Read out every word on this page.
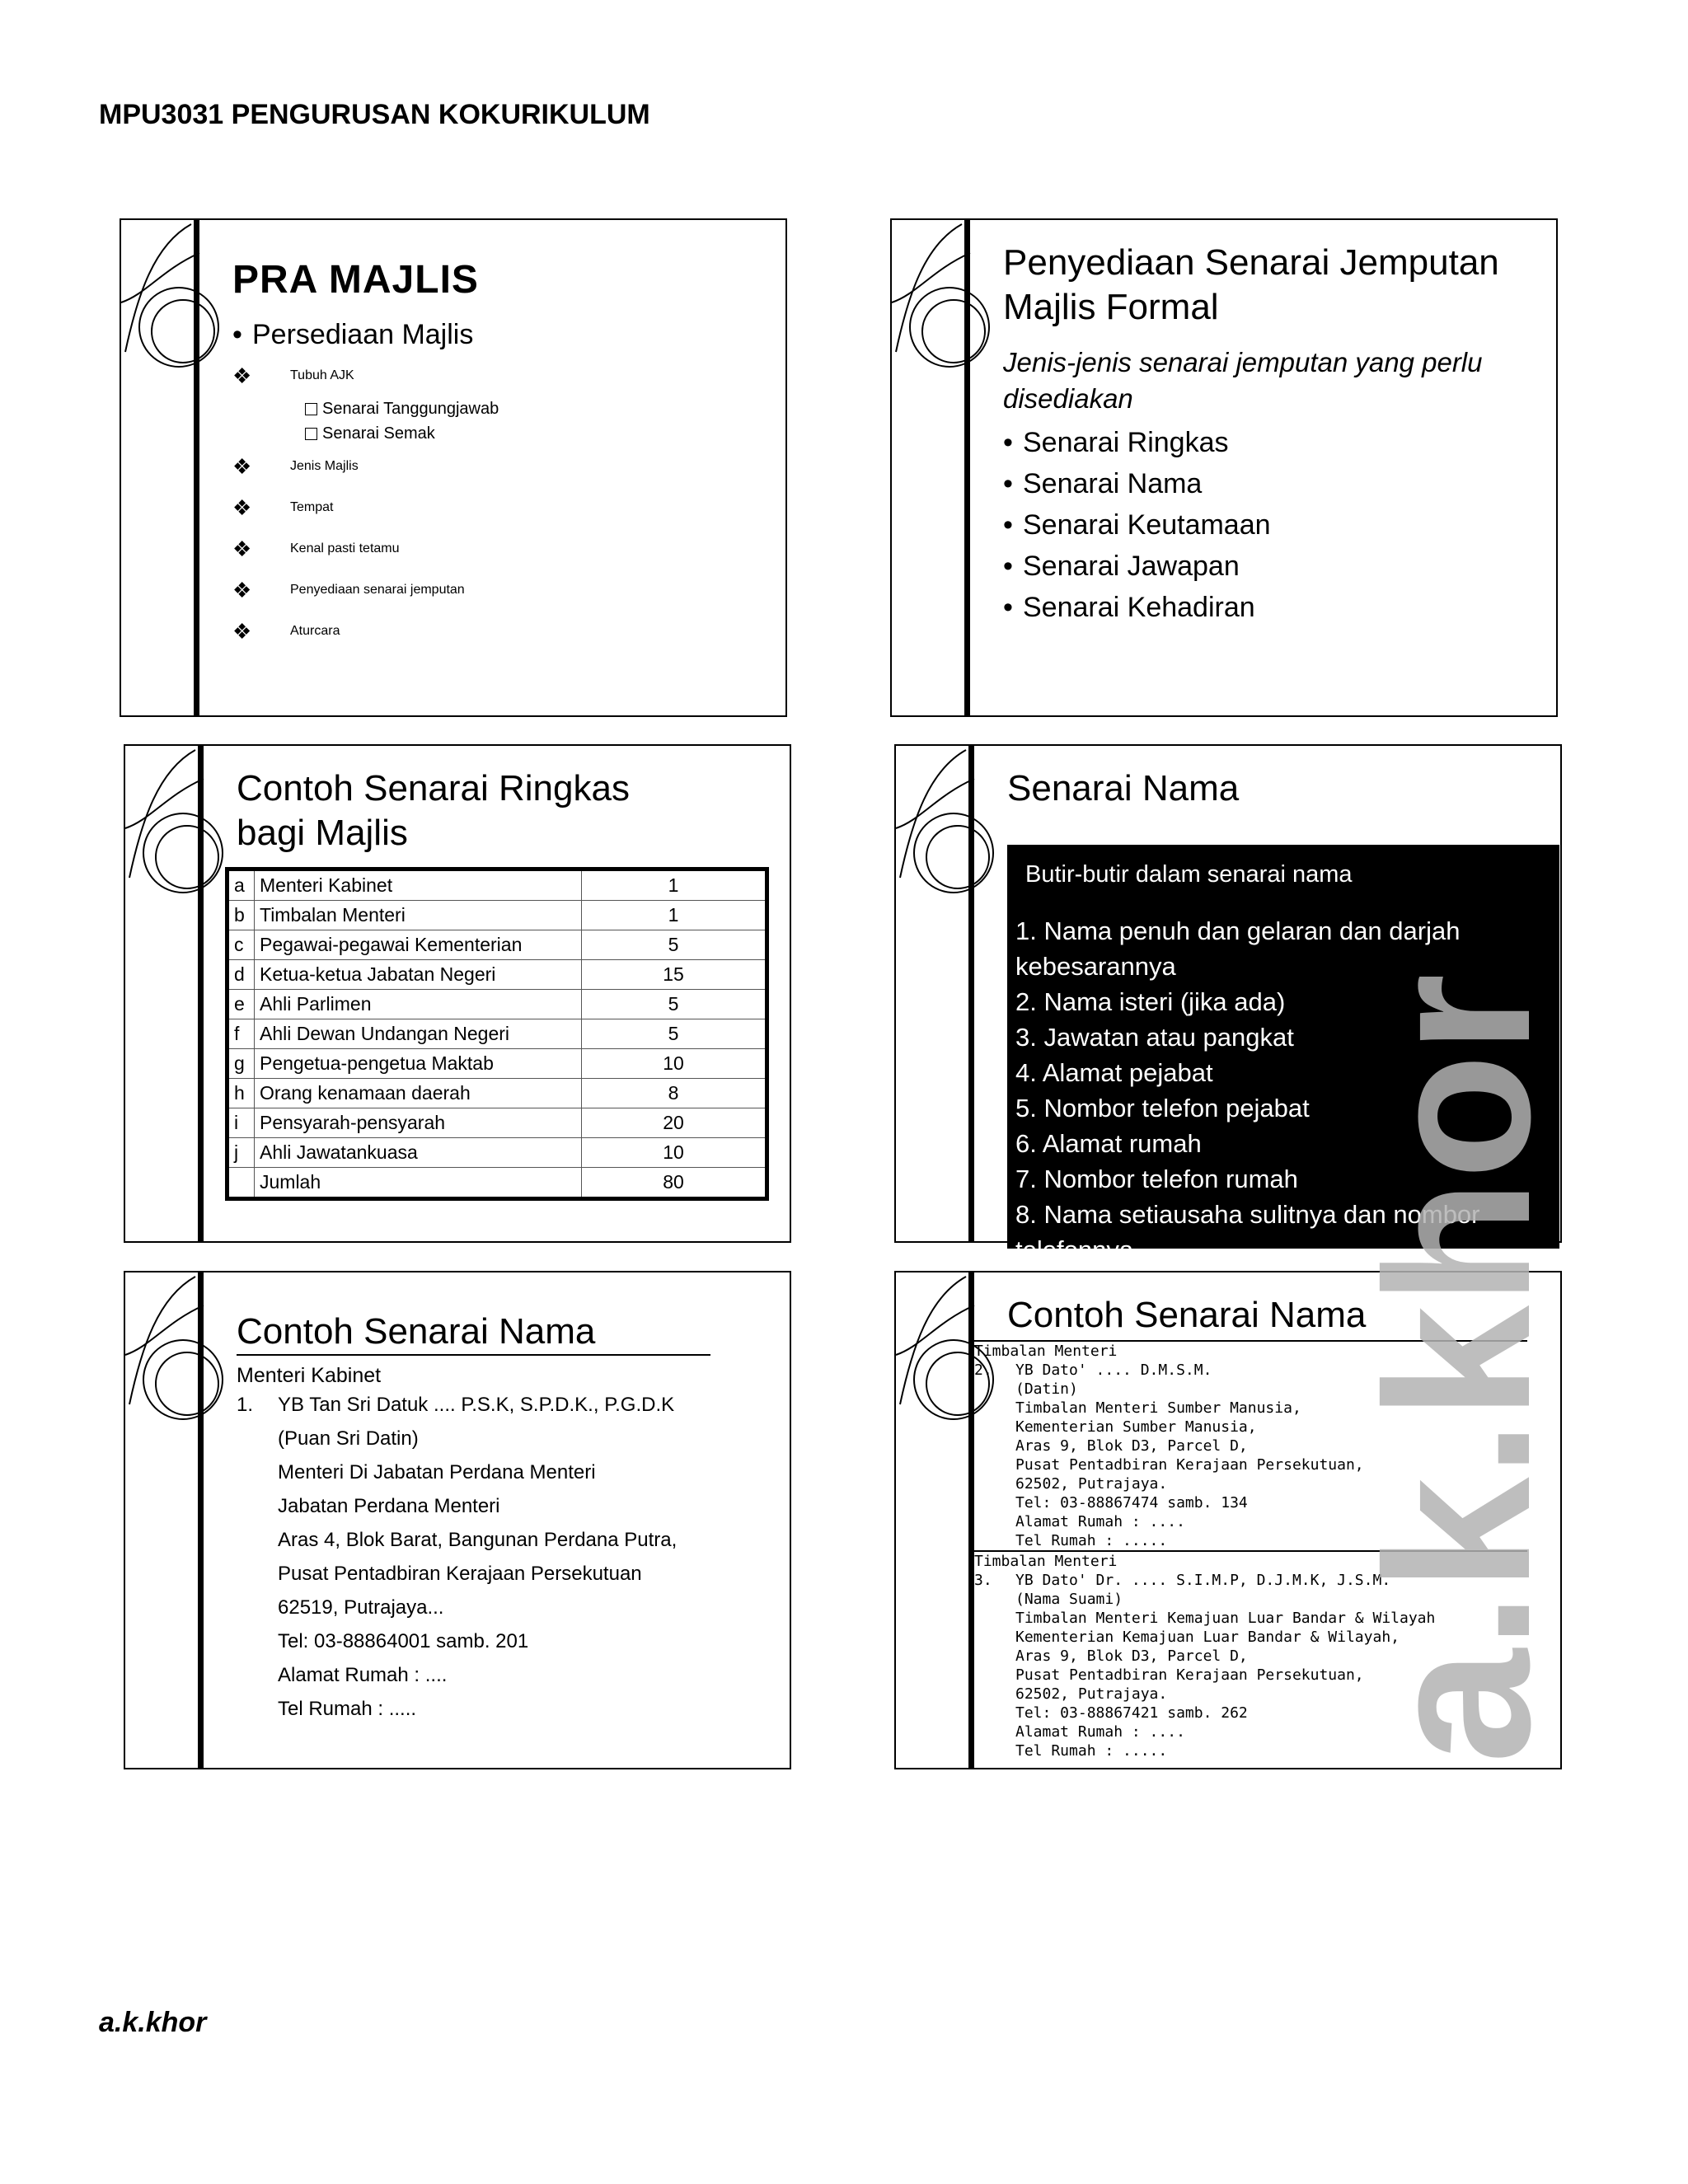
MPU3031 PENGURUSAN KOKURIKULUM
PRA MAJLIS
• Persediaan Majlis
❖	Tubuh AJK
Senarai Tanggungjawab
Senarai Semak
❖	Jenis Majlis
❖	Tempat
❖	Kenal pasti tetamu
❖	Penyediaan senarai jemputan
❖	Aturcara
Penyediaan Senarai Jemputan
Majlis Formal
Jenis-jenis senarai jemputan yang perlu disediakan
• Senarai Ringkas
• Senarai Nama
• Senarai Keutamaan
• Senarai Jawapan
• Senarai Kehadiran
Contoh Senarai Ringkas
bagi Majlis
a	Menteri Kabinet	1
b	Timbalan Menteri	1
c	Pegawai-pegawai Kementerian	5
d	Ketua-ketua Jabatan Negeri	15
e	Ahli Parlimen	5
f	Ahli Dewan Undangan Negeri	5
g	Pengetua-pengetua Maktab	10
h	Orang kenamaan daerah	8
i	Pensyarah-pensyarah	20
j	Ahli Jawatankuasa	10
	Jumlah	80
Senarai Nama
Butir-butir dalam senarai nama
1. Nama penuh dan gelaran dan darjah kebesarannya
2. Nama isteri (jika ada)
3. Jawatan atau pangkat
4. Alamat pejabat
5. Nombor telefon pejabat
6. Alamat rumah
7. Nombor telefon rumah
8. Nama setiausaha sulitnya dan nombor telefonnya
Contoh Senarai Nama
Menteri Kabinet
1.	YB Tan Sri Datuk .... P.S.K, S.P.D.K., P.G.D.K
(Puan Sri Datin)
Menteri Di Jabatan Perdana Menteri
Jabatan Perdana Menteri
Aras 4, Blok Barat, Bangunan Perdana Putra,
Pusat Pentadbiran Kerajaan Persekutuan
62519, Putrajaya...
Tel: 03-88864001 samb. 201
Alamat Rumah : ....
Tel Rumah : .....
Contoh Senarai Nama
Timbalan Menteri
2.	YB Dato' .... D.M.S.M.
(Datin)
Timbalan Menteri Sumber Manusia,
Kementerian Sumber Manusia,
Aras 9, Blok D3, Parcel D,
Pusat Pentadbiran Kerajaan Persekutuan,
62502, Putrajaya.
Tel: 03-88867474 samb. 134
Alamat Rumah : ....
Tel Rumah : .....
Timbalan Menteri
3.	YB Dato' Dr. .... S.I.M.P, D.J.M.K, J.S.M.
(Nama Suami)
Timbalan Menteri Kemajuan Luar Bandar & Wilayah
Kementerian Kemajuan Luar Bandar & Wilayah,
Aras 9, Blok D3, Parcel D,
Pusat Pentadbiran Kerajaan Persekutuan,
62502, Putrajaya.
Tel: 03-88867421 samb. 262
Alamat Rumah : ....
Tel Rumah : ..... a.k.khor
a.k.khor
